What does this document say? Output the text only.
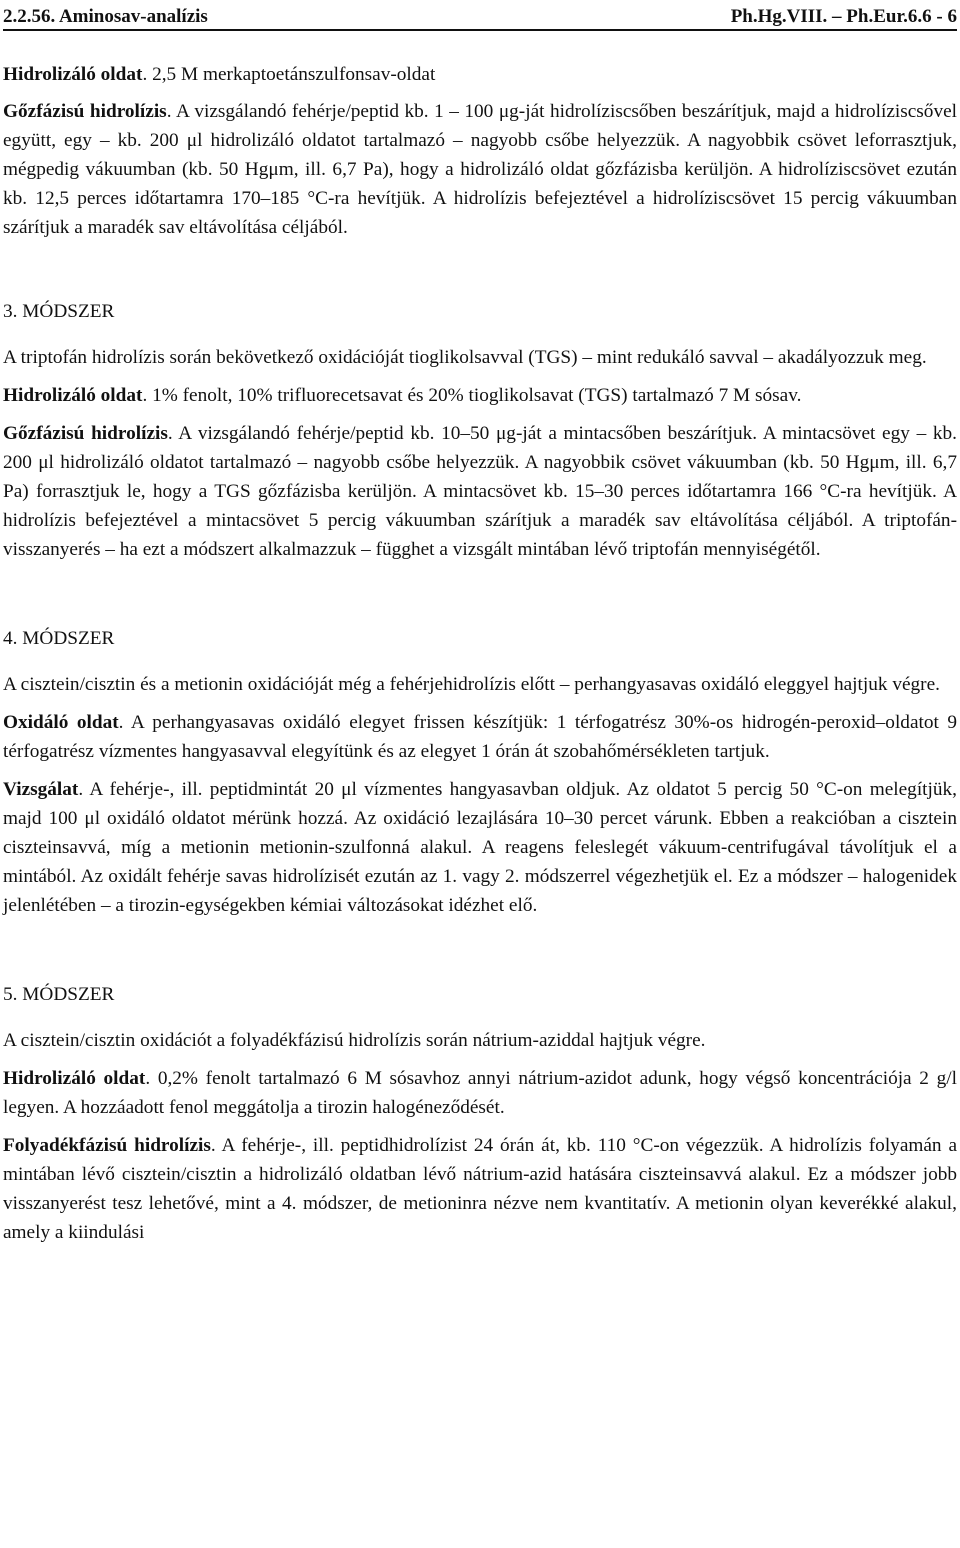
2.2.56. Aminosav-analízis	Ph.Hg.VIII. – Ph.Eur.6.6 - 6

Hidrolizáló oldat. 2,5 M merkaptoetánszulfonsav-oldat

Gőzfázisú hidrolízis. A vizsgálandó fehérje/peptid kb. 1 – 100 μg-ját hidrolíziscsőben beszárítjuk, majd a hidrolíziscsővel együtt, egy – kb. 200 μl hidrolizáló oldatot tartalmazó – nagyobb csőbe helyezzük. A nagyobbik csövet leforrasztjuk, mégpedig vákuumban (kb. 50 Hgμm, ill. 6,7 Pa), hogy a hidrolizáló oldat gőzfázisba kerüljön. A hidrolíziscsövet ezután kb. 12,5 perces időtartamra 170–185 °C-ra hevítjük. A hidrolízis befejeztével a hidrolíziscsövet 15 percig vákuumban szárítjuk a maradék sav eltávolítása céljából.

3. MÓDSZER

A triptofán hidrolízis során bekövetkező oxidációját tioglikolsavval (TGS) – mint redukáló savval – akadályozzuk meg.

Hidrolizáló oldat. 1% fenolt, 10% trifluorecetsavat és 20% tioglikolsavat (TGS) tartalmazó 7 M sósav.

Gőzfázisú hidrolízis. A vizsgálandó fehérje/peptid kb. 10–50 μg-ját a mintacsőben beszárítjuk. A mintacsövet egy – kb. 200 μl hidrolizáló oldatot tartalmazó – nagyobb csőbe helyezzük. A nagyobbik csövet vákuumban (kb. 50 Hgμm, ill. 6,7 Pa) forrasztjuk le, hogy a TGS gőzfázisba kerüljön. A mintacsövet kb. 15–30 perces időtartamra 166 °C-ra hevítjük. A hidrolízis befejeztével a mintacsövet 5 percig vákuumban szárítjuk a maradék sav eltávolítása céljából. A triptofán-visszanyerés – ha ezt a módszert alkalmazzuk – függhet a vizsgált mintában lévő triptofán mennyiségétől.

4. MÓDSZER

A cisztein/cisztin és a metionin oxidációját még a fehérjehidrolízis előtt – perhangyasavas oxidáló eleggyel hajtjuk végre.

Oxidáló oldat. A perhangyasavas oxidáló elegyet frissen készítjük: 1 térfogatrész 30%-os hidrogén-peroxid–oldatot 9 térfogatrész vízmentes hangyasavval elegyítünk és az elegyet 1 órán át szobahőmérsékleten tartjuk.

Vizsgálat. A fehérje-, ill. peptidmintát 20 μl vízmentes hangyasavban oldjuk. Az oldatot 5 percig 50 °C-on melegítjük, majd 100 μl oxidáló oldatot mérünk hozzá. Az oxidáció lezajlására 10–30 percet várunk. Ebben a reakcióban a cisztein ciszteinsavvá, míg a metionin metionin-szulfonná alakul. A reagens feleslegét vákuum-centrifugával távolítjuk el a mintából. Az oxidált fehérje savas hidrolízisét ezután az 1. vagy 2. módszerrel végezhetjük el. Ez a módszer – halogenidek jelenlétében – a tirozin-egységekben kémiai változásokat idézhet elő.

5. MÓDSZER

A cisztein/cisztin oxidációt a folyadékfázisú hidrolízis során nátrium-aziddal hajtjuk végre.

Hidrolizáló oldat. 0,2% fenolt tartalmazó 6 M sósavhoz annyi nátrium-azidot adunk, hogy végső koncentrációja 2 g/l legyen. A hozzáadott fenol meggátolja a tirozin halogéneződését.

Folyadékfázisú hidrolízis. A fehérje-, ill. peptidhidrolízist 24 órán át, kb. 110 °C-on végezzük. A hidrolízis folyamán a mintában lévő cisztein/cisztin a hidrolizáló oldatban lévő nátrium-azid hatására ciszteinsavvá alakul. Ez a módszer jobb visszanyerést tesz lehetővé, mint a 4. módszer, de metioninra nézve nem kvantitatív. A metionin olyan keverékké alakul, amely a kiindulási
